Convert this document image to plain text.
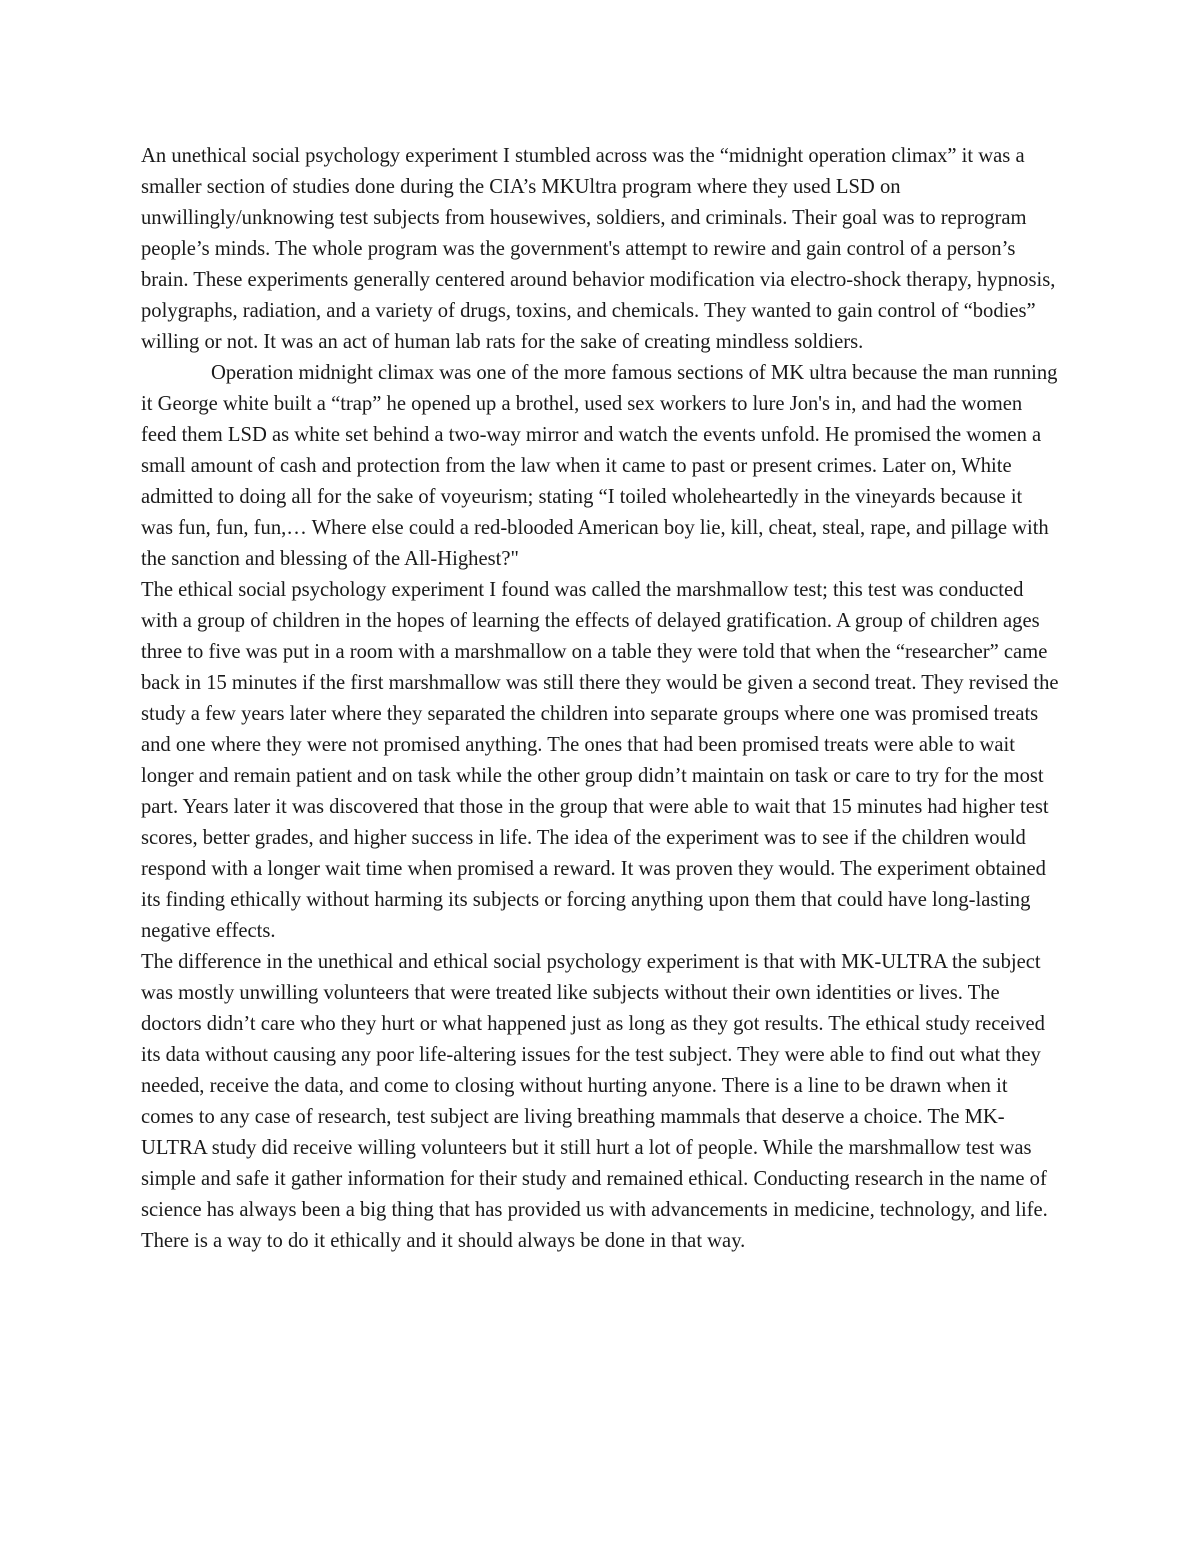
An unethical social psychology experiment I stumbled across was the “midnight operation climax” it was a smaller section of studies done during the CIA’s MKUltra program where they used LSD on unwillingly/unknowing test subjects from housewives, soldiers, and criminals. Their goal was to reprogram people’s minds. The whole program was the government's attempt to rewire and gain control of a person’s brain. These experiments generally centered around behavior modification via electro-shock therapy, hypnosis, polygraphs, radiation, and a variety of drugs, toxins, and chemicals. They wanted to gain control of “bodies” willing or not. It was an act of human lab rats for the sake of creating mindless soldiers.

Operation midnight climax was one of the more famous sections of MK ultra because the man running it George white built a “trap” he opened up a brothel, used sex workers to lure Jon's in, and had the women feed them LSD as white set behind a two-way mirror and watch the events unfold. He promised the women a small amount of cash and protection from the law when it came to past or present crimes. Later on, White admitted to doing all for the sake of voyeurism; stating “I toiled wholeheartedly in the vineyards because it was fun, fun, fun,… Where else could a red-blooded American boy lie, kill, cheat, steal, rape, and pillage with the sanction and blessing of the All-Highest?"

The ethical social psychology experiment I found was called the marshmallow test; this test was conducted with a group of children in the hopes of learning the effects of delayed gratification. A group of children ages three to five was put in a room with a marshmallow on a table they were told that when the “researcher” came back in 15 minutes if the first marshmallow was still there they would be given a second treat. They revised the study a few years later where they separated the children into separate groups where one was promised treats and one where they were not promised anything. The ones that had been promised treats were able to wait longer and remain patient and on task while the other group didn’t maintain on task or care to try for the most part. Years later it was discovered that those in the group that were able to wait that 15 minutes had higher test scores, better grades, and higher success in life. The idea of the experiment was to see if the children would respond with a longer wait time when promised a reward. It was proven they would. The experiment obtained its finding ethically without harming its subjects or forcing anything upon them that could have long-lasting negative effects.

The difference in the unethical and ethical social psychology experiment is that with MK-ULTRA the subject was mostly unwilling volunteers that were treated like subjects without their own identities or lives. The doctors didn’t care who they hurt or what happened just as long as they got results. The ethical study received its data without causing any poor life-altering issues for the test subject. They were able to find out what they needed, receive the data, and come to closing without hurting anyone. There is a line to be drawn when it comes to any case of research, test subject are living breathing mammals that deserve a choice. The MK-ULTRA study did receive willing volunteers but it still hurt a lot of people. While the marshmallow test was simple and safe it gather information for their study and remained ethical. Conducting research in the name of science has always been a big thing that has provided us with advancements in medicine, technology, and life. There is a way to do it ethically and it should always be done in that way.
